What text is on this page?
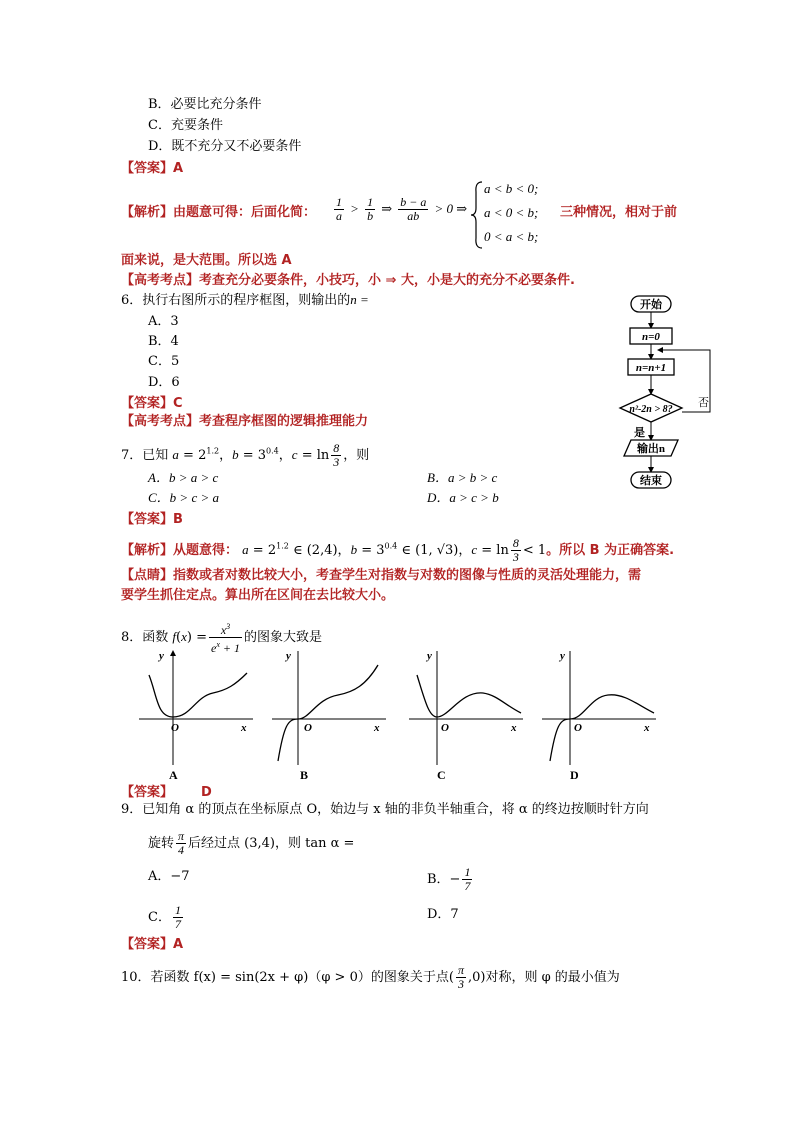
B．必要比充分条件
C．充要条件
D．既不充分又不必要条件
【答案】A
【解析】由题意可得：后面化简： $\frac{1}{a} > \frac{1}{b}$ ⇒ $\frac{b - a}{ab} > 0$ ⇒
a < b < 0;
a < 0 < b; 三种情况，相对于前
0 < a < b;
面来说，是大范围。所以选 A
【高考考点】考查充分必要条件，小技巧，小 ⇒ 大，小是大的充分不必要条件.
6．执行右图所示的程序框图，则输出的n =
A．3
B．4
C．5
D．6
【答案】C
【高考考点】考查程序框图的逻辑推理能力
开始
n=0
n=n+1
n²-2n > 8?
否
是
输出n
结束
7．已知 $a = 2^{1.2}$，$b = 3^{0.4}$，$c = \ln \frac{8}{3}$ ，则
A．b > a > c	B．a > b > c
C．b > c > a	D．a > c > b
【答案】B
【解析】从题意得： $a = 2^{1.2}$ ∈ (2,4)，$b = 3^{0.4}$ ∈ (1, √3)，$c = \ln \frac{8}{3} < 1$。所以 B 为正确答案.
【点睛】指数或者对数比较大小，考查学生对指数与对数的图像与性质的灵活处理能力，需
要学生抓住定点。算出所在区间在去比较大小。
8．函数 $f(x) = \frac{x^3}{e^x + 1}$ 的图象大致是
y
x
O
A
y
x
O
B
y
x
O
C
y
x
O
D
【答案】 D
9．已知角 α 的顶点在坐标原点 O，始边与 x 轴的非负半轴重合，将 α 的终边按顺时针方向
旋转 $\frac{\pi}{4}$ 后经过点 (3,4)，则 tan α =
A．−7	B．− $\frac{1}{7}$
C． $\frac{1}{7}$	D．7
【答案】A
10．若函数 f(x) = sin(2x + φ)（φ > 0）的图象关于点( $\frac{\pi}{3} ,0$)对称，则 φ 的最小值为
